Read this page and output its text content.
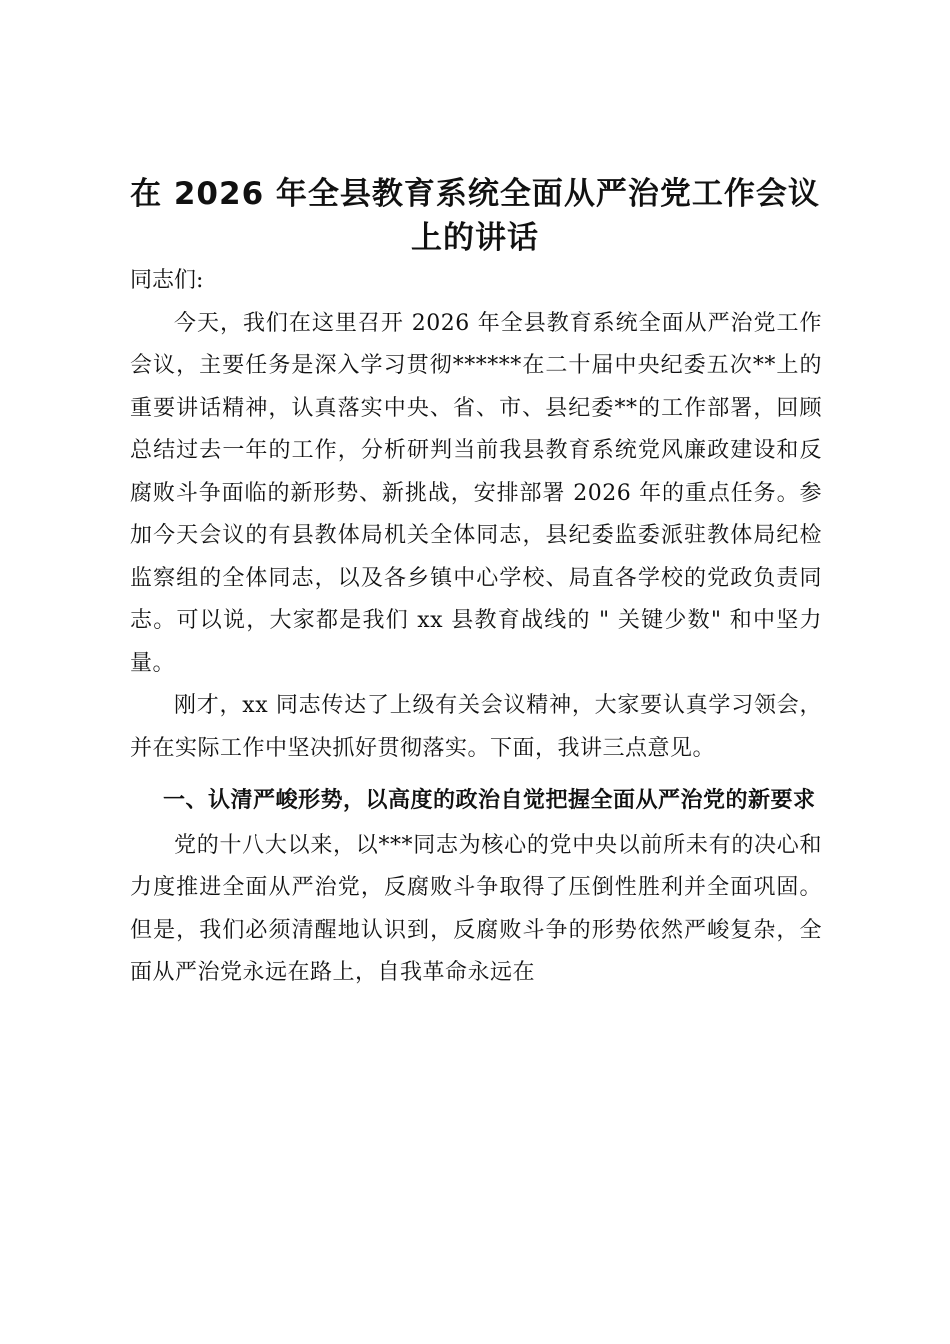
在 2026 年全县教育系统全面从严治党工作会议上的讲话

同志们:

今天，我们在这里召开 2026 年全县教育系统全面从严治党工作会议，主要任务是深入学习贯彻******在二十届中央纪委五次**上的重要讲话精神，认真落实中央、省、市、县纪委**的工作部署，回顾总结过去一年的工作，分析研判当前我县教育系统党风廉政建设和反腐败斗争面临的新形势、新挑战，安排部署 2026 年的重点任务。参加今天会议的有县教体局机关全体同志，县纪委监委派驻教体局纪检监察组的全体同志，以及各乡镇中心学校、局直各学校的党政负责同志。可以说，大家都是我们 xx 县教育战线的 " 关键少数" 和中坚力量。

刚才，xx 同志传达了上级有关会议精神，大家要认真学习领会，并在实际工作中坚决抓好贯彻落实。下面，我讲三点意见。

一、认清严峻形势，以高度的政治自觉把握全面从严治党的新要求

党的十八大以来，以***同志为核心的党中央以前所未有的决心和力度推进全面从严治党，反腐败斗争取得了压倒性胜利并全面巩固。但是，我们必须清醒地认识到，反腐败斗争的形势依然严峻复杂，全面从严治党永远在路上，自我革命永远在
